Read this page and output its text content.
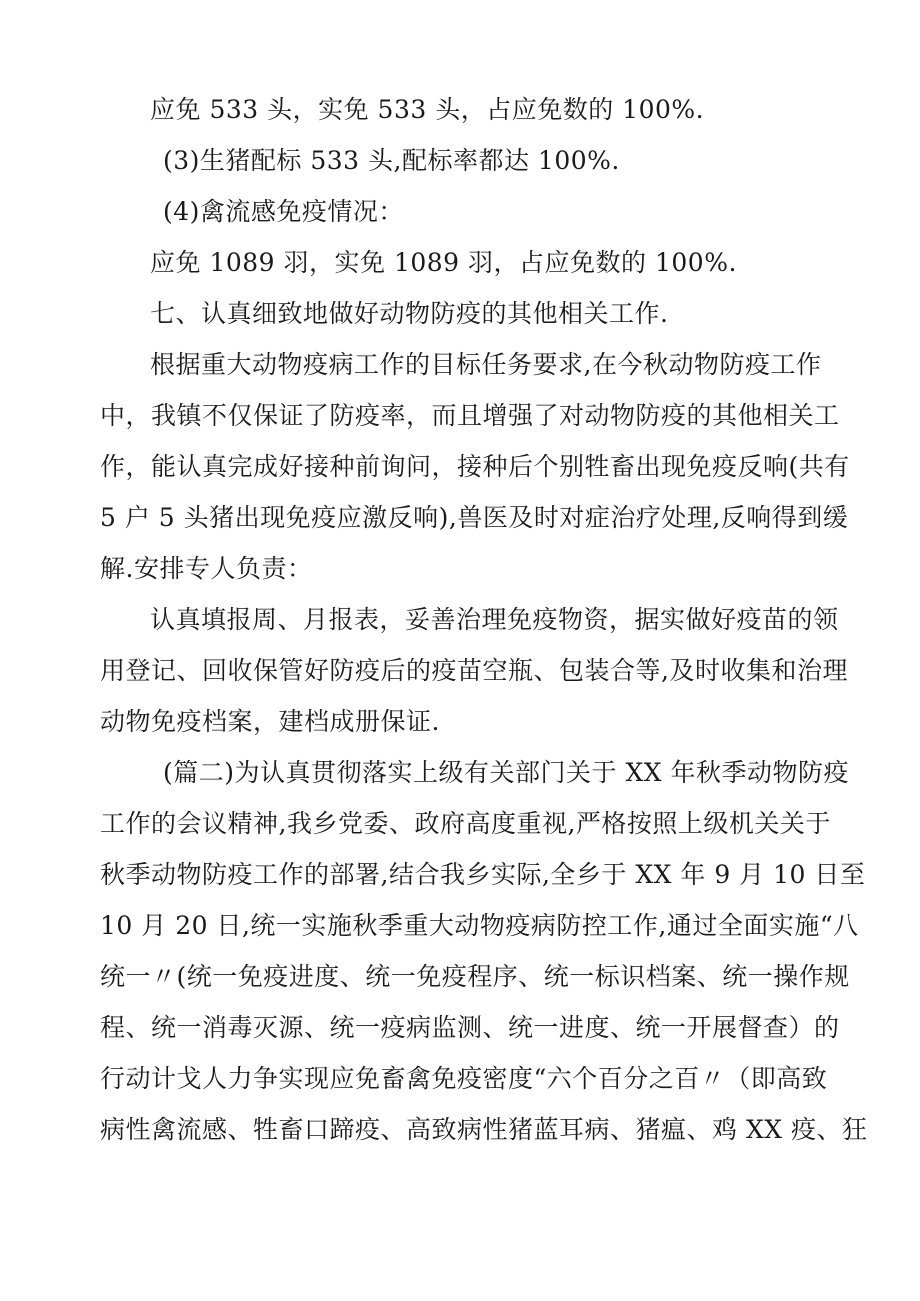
应免 533 头，实免 533 头，占应免数的 100%.
(3)生猪配标 533 头,配标率都达 100%.
(4)禽流感免疫情况：
应免 1089 羽，实免 1089 羽，占应免数的 100%.
七、认真细致地做好动物防疫的其他相关工作.
根据重大动物疫病工作的目标任务要求,在今秋动物防疫工作
中，我镇不仅保证了防疫率，而且增强了对动物防疫的其他相关工
作，能认真完成好接种前询问，接种后个别牲畜出现免疫反响(共有
5 户 5 头猪出现免疫应激反响),兽医及时对症治疗处理,反响得到缓
解.安排专人负责：
认真填报周、月报表，妥善治理免疫物资，据实做好疫苗的领
用登记、回收保管好防疫后的疫苗空瓶、包装合等,及时收集和治理
动物免疫档案，建档成册保证.
(篇二)为认真贯彻落实上级有关部门关于 XX 年秋季动物防疫
工作的会议精神,我乡党委、政府高度重视,严格按照上级机关关于
秋季动物防疫工作的部署,结合我乡实际,全乡于 XX 年 9 月 10 日至
10 月 20 日,统一实施秋季重大动物疫病防控工作,通过全面实施“八
统一〃(统一免疫进度、统一免疫程序、统一标识档案、统一操作规
程、统一消毒灭源、统一疫病监测、统一进度、统一开展督查）的
行动计戈人力争实现应免畜禽免疫密度“六个百分之百〃（即高致
病性禽流感、牲畜口蹄疫、高致病性猪蓝耳病、猪瘟、鸡 XX 疫、狂
